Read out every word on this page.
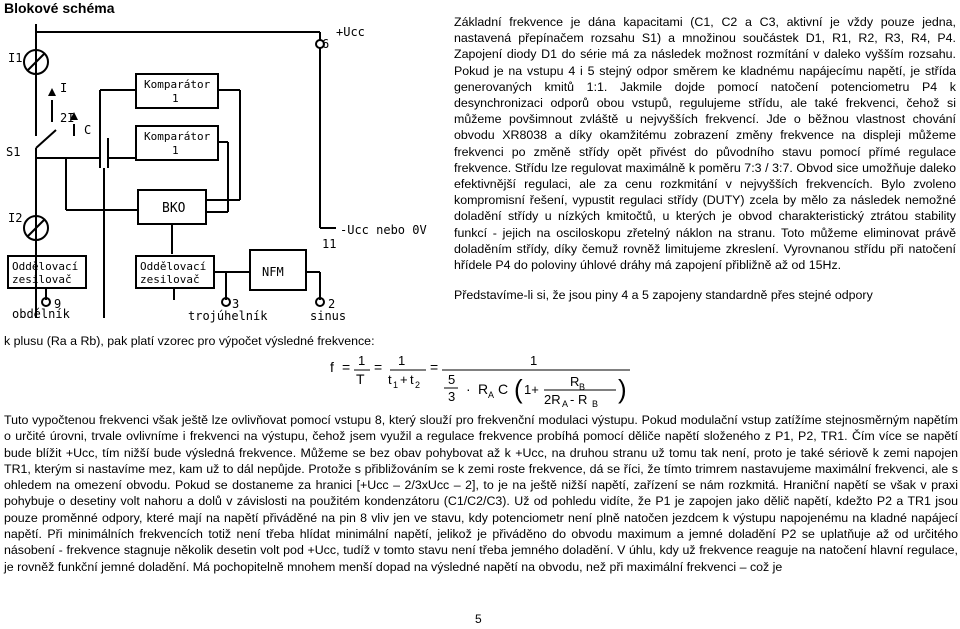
Blokové schéma
Komparátor
1
Komparátor
1
BKO
Oddělovací
zesilovač
Oddělovací
zesilovač
NFM
I1
I
2I
C
S1
I2
6
+Ucc
11
-Ucc nebo 0V
9
obdélník
3
trojúhelník
2
sinus

Základní frekvence je dána kapacitami (C1, C2 a C3, aktivní je vždy pouze jedna, nastavená přepínačem rozsahu S1) a množinou součástek D1, R1, R2, R3, R4, P4. Zapojení diody D1 do série má za následek možnost rozmítání v daleko vyšším rozsahu. Pokud je na vstupu 4 i 5 stejný odpor směrem ke kladnému napájecímu napětí, je střída generovaných kmitů 1:1. Jakmile dojde pomocí natočení potenciometru P4 k desynchronizaci odporů obou vstupů, regulujeme střídu, ale také frekvenci, čehož si můžeme povšimnout zvláště u nejvyšších frekvencí. Jde o běžnou vlastnost chování obvodu XR8038 a díky okamžitému zobrazení změny frekvence na displeji můžeme frekvenci po změně střídy opět přivést do původního stavu pomocí přímé regulace frekvence. Střídu lze regulovat maximálně k poměru 7:3 / 3:7. Obvod sice umožňuje daleko efektivnější regulaci, ale za cenu rozkmitání v nejvyšších frekvencích. Bylo zvoleno kompromisní řešení, vypustit regulaci střídy (DUTY) zcela by mělo za následek nemožné doladění střídy u nízkých kmitočtů, u kterých je obvod charakteristický ztrátou stability funkcí - jejich na osciloskopu zřetelný náklon na stranu. Toto můžeme eliminovat právě doladěním střídy, díky čemuž rovněž limitujeme zkreslení. Vyrovnanou střídu při natočení hřídele P4 do poloviny úhlové dráhy má zapojení přibližně až od 15Hz.

Představíme-li si, že jsou piny 4 a 5 zapojeny standardně přes stejné odpory

k plusu (Ra a Rb), pak platí vzorec pro výpočet výsledné frekvence:
f = 1
T
= 1
t 1 + t 2
=	1
5
3 · R A C ( 1+
R B
2R A - R B )
Tuto vypočtenou frekvenci však ještě lze ovlivňovat pomocí vstupu 8, který slouží pro frekvenční modulaci výstupu. Pokud modulační vstup zatížíme stejnosměrným napětím o určité úrovni, trvale ovlivníme i frekvenci na výstupu, čehož jsem využil a regulace frekvence probíhá pomocí děliče napětí složeného z P1, P2, TR1. Čím více se napětí bude blížit +Ucc, tím nižší bude výsledná frekvence. Můžeme se bez obav pohybovat až k +Ucc, na druhou stranu už tomu tak není, proto je také sériově k zemi napojen TR1, kterým si nastavíme mez, kam už to dál nepůjde. Protože s přibližováním se k zemi roste frekvence, dá se říci, že tímto trimrem nastavujeme maximální frekvenci, ale s ohledem na omezení obvodu. Pokud se dostaneme za hranici [+Ucc – 2/3xUcc – 2], to je na ještě nižší napětí, zařízení se nám rozkmitá. Hraniční napětí se však v praxi pohybuje o desetiny volt nahoru a dolů v závislosti na použitém kondenzátoru (C1/C2/C3). Už od pohledu vidíte, že P1 je zapojen jako dělič napětí, kdežto P2 a TR1 jsou pouze proměnné odpory, které mají na napětí přiváděné na pin 8 vliv jen ve stavu, kdy potenciometr není plně natočen jezdcem k výstupu napojenému na kladné napájecí napětí. Při minimálních frekvencích totiž není třeba hlídat minimální napětí, jelikož je přiváděno do obvodu maximum a jemné doladění P2 se uplatňuje až od určitého násobení - frekvence stagnuje několik desetin volt pod +Ucc, tudíž v tomto stavu není třeba jemného doladění. V úhlu, kdy už frekvence reaguje na natočení hlavní regulace, je rovněž funkční jemné doladění. Má pochopitelně mnohem menší dopad na výsledné napětí na obvodu, než při maximální frekvenci – což je
5
